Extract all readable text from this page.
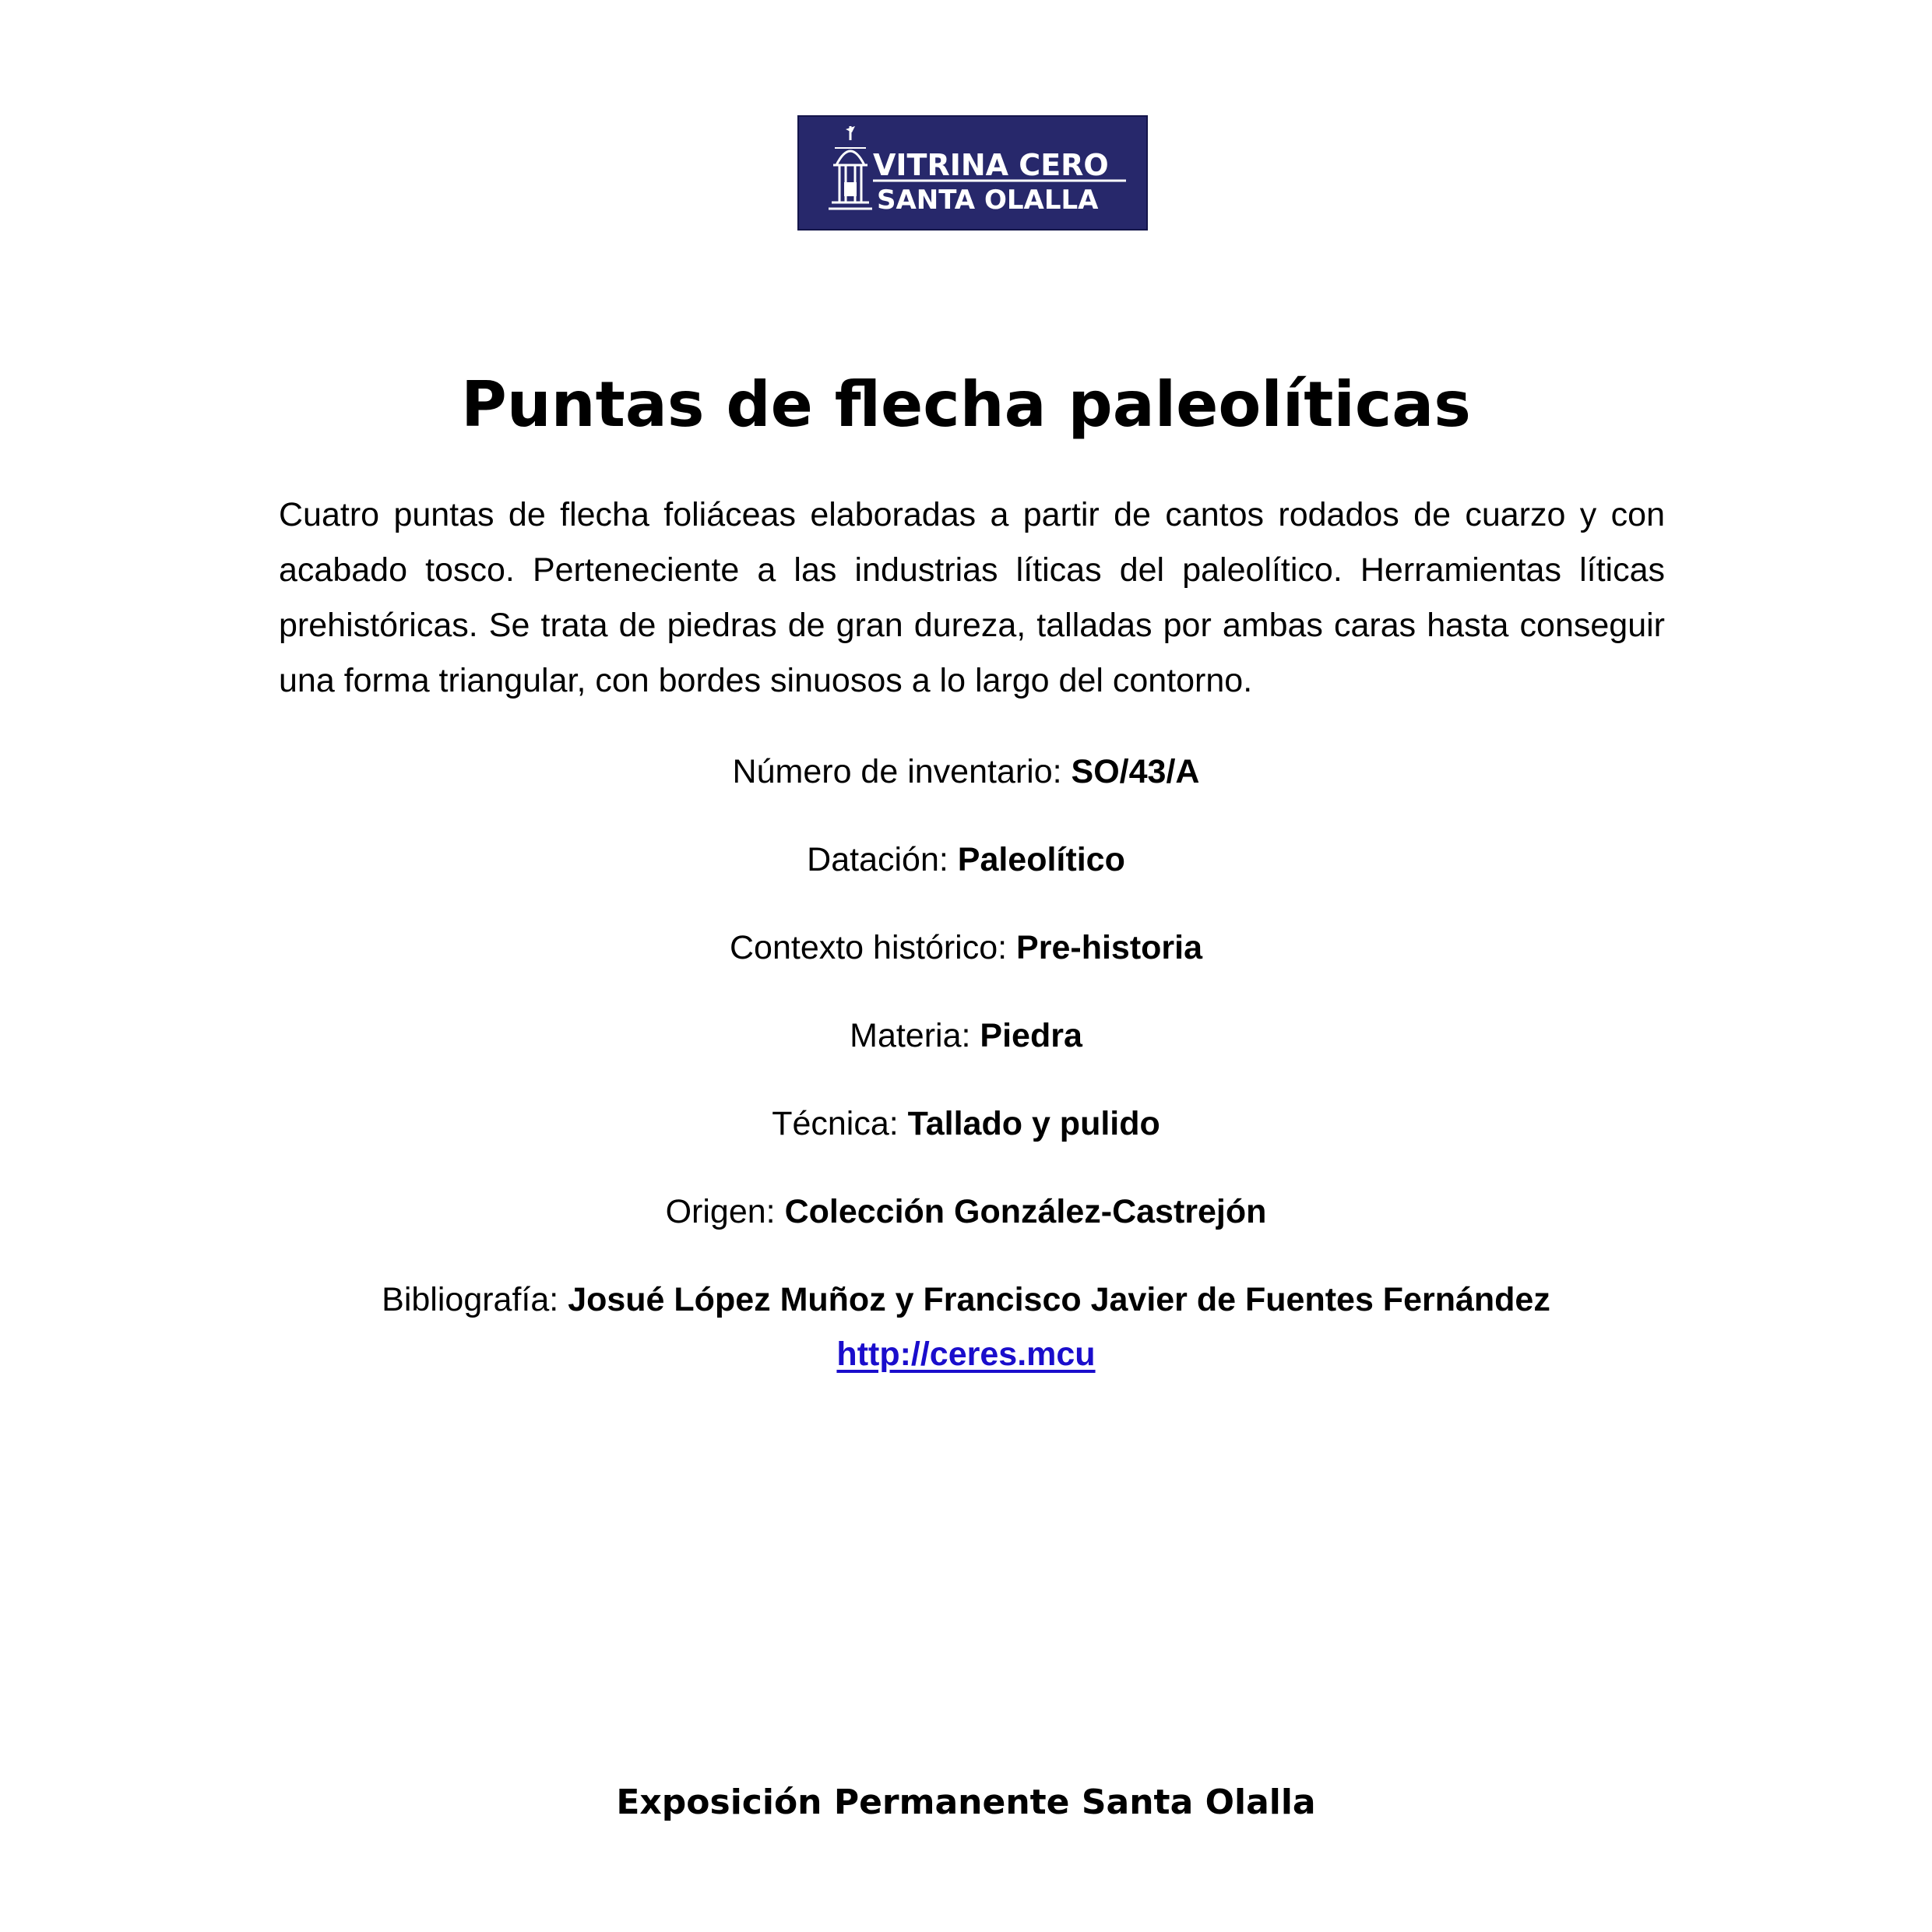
VITRINA CERO
SANTA OLALLA
Puntas de flecha paleolíticas

Cuatro puntas de flecha foliáceas elaboradas a partir de cantos rodados de cuarzo y con acabado tosco. Perteneciente a las industrias líticas del paleolítico. Herramientas líticas prehistóricas. Se trata de piedras de gran dureza, talladas por ambas caras hasta conseguir una forma triangular, con bordes sinuosos a lo largo del contorno.

Número de inventario: SO/43/A

Datación: Paleolítico

Contexto histórico: Pre-historia

Materia: Piedra

Técnica: Tallado y pulido

Origen: Colección González-Castrejón

Bibliografía: Josué López Muñoz y Francisco Javier de Fuentes Fernández

http://ceres.mcu

Exposición Permanente Santa Olalla
